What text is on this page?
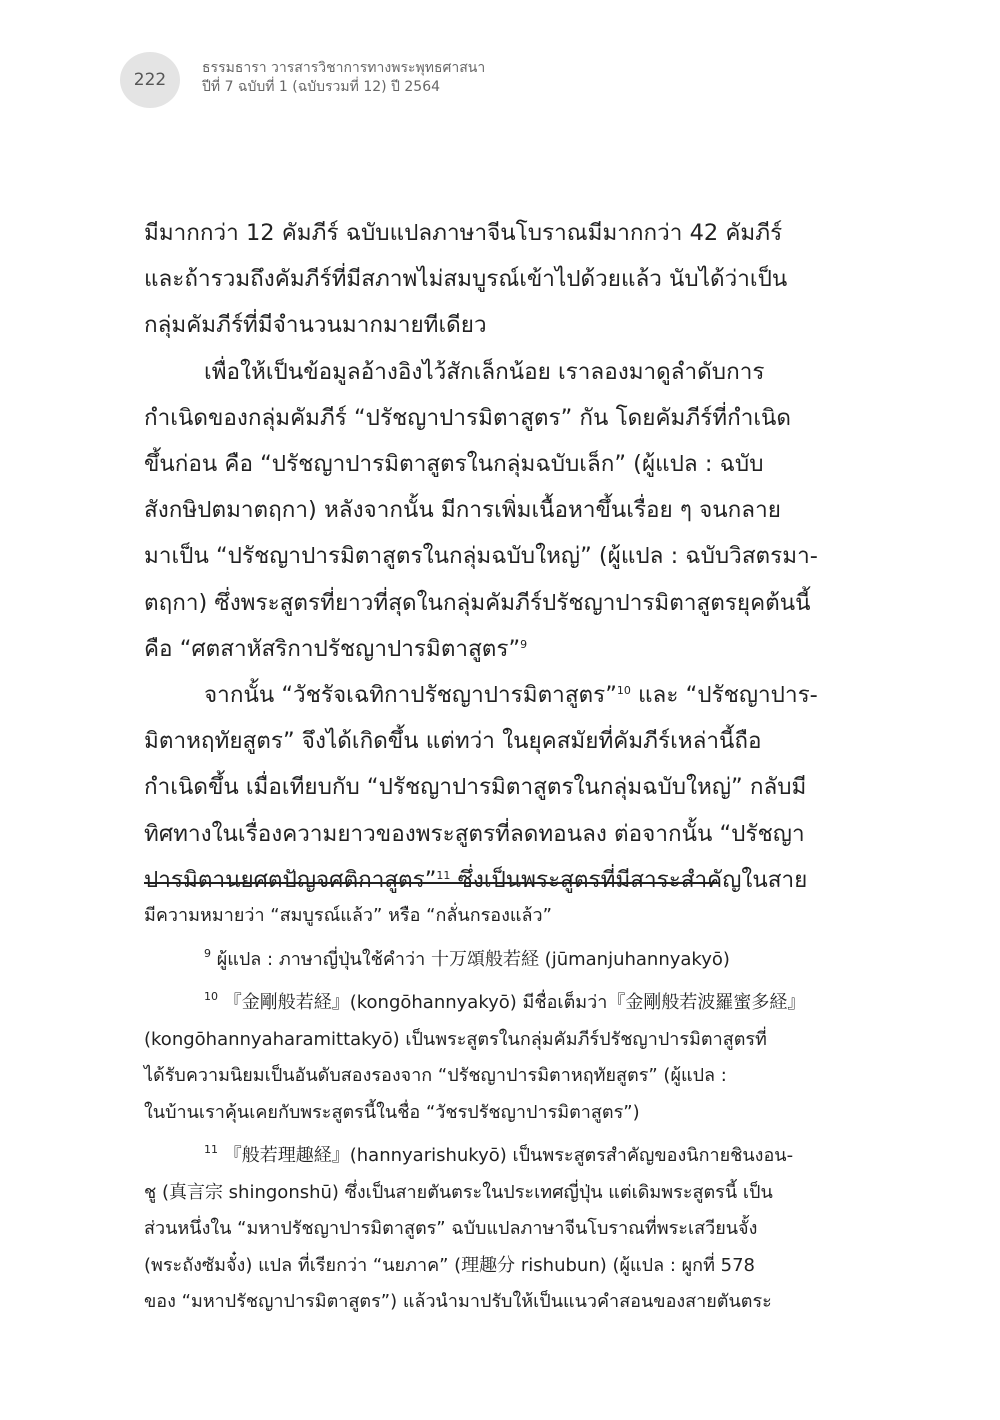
222
ธรรมธารา วารสารวิชาการทางพระพุทธศาสนา
ปีที่ 7 ฉบับที่ 1 (ฉบับรวมที่ 12) ปี 2564

มีมากกว่า 12 คัมภีร์ ฉบับแปลภาษาจีนโบราณมีมากกว่า 42 คัมภีร์
และถ้ารวมถึงคัมภีร์ที่มีสภาพไม่สมบูรณ์เข้าไปด้วยแล้ว นับได้ว่าเป็น
กลุ่มคัมภีร์ที่มีจำนวนมากมายทีเดียว

เพื่อให้เป็นข้อมูลอ้างอิงไว้สักเล็กน้อย เราลองมาดูลำดับการ
กำเนิดของกลุ่มคัมภีร์ “ปรัชญาปารมิตาสูตร” กัน โดยคัมภีร์ที่กำเนิด
ขึ้นก่อน คือ “ปรัชญาปารมิตาสูตรในกลุ่มฉบับเล็ก” (ผู้แปล : ฉบับ
สังกษิปตมาตฤกา) หลังจากนั้น มีการเพิ่มเนื้อหาขึ้นเรื่อย ๆ จนกลาย
มาเป็น “ปรัชญาปารมิตาสูตรในกลุ่มฉบับใหญ่” (ผู้แปล : ฉบับวิสตรมา-
ตฤกา) ซึ่งพระสูตรที่ยาวที่สุดในกลุ่มคัมภีร์ปรัชญาปารมิตาสูตรยุคต้นนี้
คือ “ศตสาหัสริกาปรัชญาปารมิตาสูตร”$^9$

จากนั้น “วัชรัจเฉทิกาปรัชญาปารมิตาสูตร”$^{10}$ และ “ปรัชญาปาร-
มิตาหฤทัยสูตร” จึงได้เกิดขึ้น แต่ทว่า ในยุคสมัยที่คัมภีร์เหล่านี้ถือ
กำเนิดขึ้น เมื่อเทียบกับ “ปรัชญาปารมิตาสูตรในกลุ่มฉบับใหญ่” กลับมี
ทิศทางในเรื่องความยาวของพระสูตรที่ลดทอนลง ต่อจากนั้น “ปรัชญา
ปารมิตานยศตปัญจศติกาสูตร”$^{11}$ ซึ่งเป็นพระสูตรที่มีสาระสำคัญในสาย

มีความหมายว่า “สมบูรณ์แล้ว” หรือ “กลั่นกรองแล้ว”

$^9$ ผู้แปล : ภาษาญี่ปุ่นใช้คำว่า 十万頌般若経 (jūmanjuhannyakyō)

$^{10}$ 『金剛般若経』(kongōhannyakyō) มีชื่อเต็มว่า『金剛般若波羅蜜多経』
(kongōhannyaharamittakyō) เป็นพระสูตรในกลุ่มคัมภีร์ปรัชญาปารมิตาสูตรที่
ได้รับความนิยมเป็นอันดับสองรองจาก “ปรัชญาปารมิตาหฤทัยสูตร” (ผู้แปล :
ในบ้านเราคุ้นเคยกับพระสูตรนี้ในชื่อ “วัชรปรัชญาปารมิตาสูตร”)

$^{11}$ 『般若理趣経』(hannyarishukyō) เป็นพระสูตรสำคัญของนิกายชินงอน-
ชู (真言宗 shingonshū) ซึ่งเป็นสายตันตระในประเทศญี่ปุ่น แต่เดิมพระสูตรนี้ เป็น
ส่วนหนึ่งใน “มหาปรัชญาปารมิตาสูตร” ฉบับแปลภาษาจีนโบราณที่พระเสวียนจั้ง
(พระถังซัมจั๋ง) แปล ที่เรียกว่า “นยภาค” (理趣分 rishubun) (ผู้แปล : ผูกที่ 578
ของ “มหาปรัชญาปารมิตาสูตร”) แล้วนำมาปรับให้เป็นแนวคำสอนของสายตันตระ
